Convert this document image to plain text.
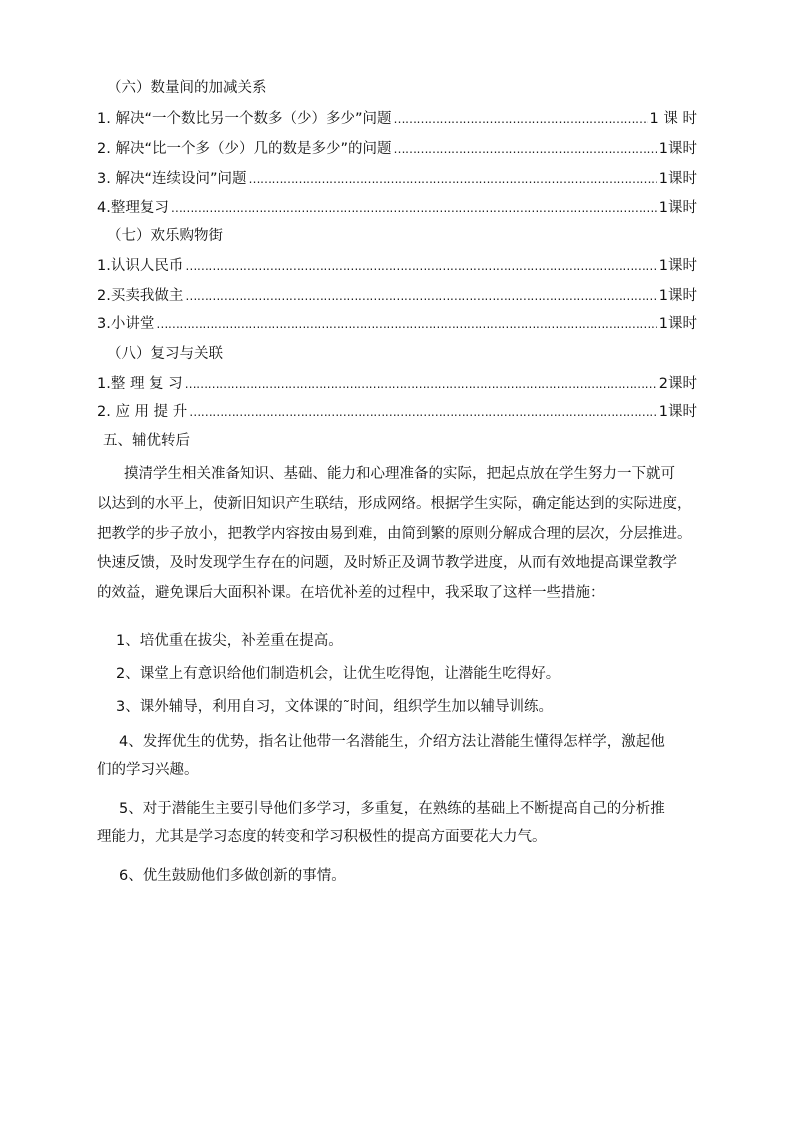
（六）数量间的加减关系
1. 解决“一个数比另一个数多（少）多少”问题 ………………………………………………………………………………………………………………………………………………………………………………………………	1 课 时
2. 解决“比一个多（少）几的数是多少”的问题 ………………………………………………………………………………………………………………………………………………………………………………………………	1课时
3. 解决“连续设问”问题 ………………………………………………………………………………………………………………………………………………………………………………………………	1课时
4.整理复习 ………………………………………………………………………………………………………………………………………………………………………………………………	1课时
（七）欢乐购物街
1.认识人民币 ………………………………………………………………………………………………………………………………………………………………………………………………	1课时
2.买卖我做主 ………………………………………………………………………………………………………………………………………………………………………………………………	1课时
3.小讲堂 ………………………………………………………………………………………………………………………………………………………………………………………………	1课时
（八）复习与关联
1.整 理 复 习 ………………………………………………………………………………………………………………………………………………………………………………………………	2课时
2. 应 用 提 升 ………………………………………………………………………………………………………………………………………………………………………………………………	1课时
五、辅优转后
摸清学生相关准备知识、基础、能力和心理准备的实际，把起点放在学生努力一下就可
以达到的水平上，使新旧知识产生联结，形成网络。根据学生实际，确定能达到的实际进度，
把教学的步子放小，把教学内容按由易到难，由简到繁的原则分解成合理的层次，分层推进。
快速反馈，及时发现学生存在的问题，及时矫正及调节教学进度，从而有效地提高课堂教学
的效益，避免课后大面积补课。在培优补差的过程中，我采取了这样一些措施：
1、培优重在拔尖，补差重在提高。
2、课堂上有意识给他们制造机会，让优生吃得饱，让潜能生吃得好。
3、课外辅导，利用自习，文体课的˜时间，组织学生加以辅导训练。
4、发挥优生的优势，指名让他带一名潜能生，介绍方法让潜能生懂得怎样学，激起他
们的学习兴趣。
5、对于潜能生主要引导他们多学习，多重复，在熟练的基础上不断提高自己的分析推
理能力，尤其是学习态度的转变和学习积极性的提高方面要花大力气。
6、优生鼓励他们多做创新的事情。
